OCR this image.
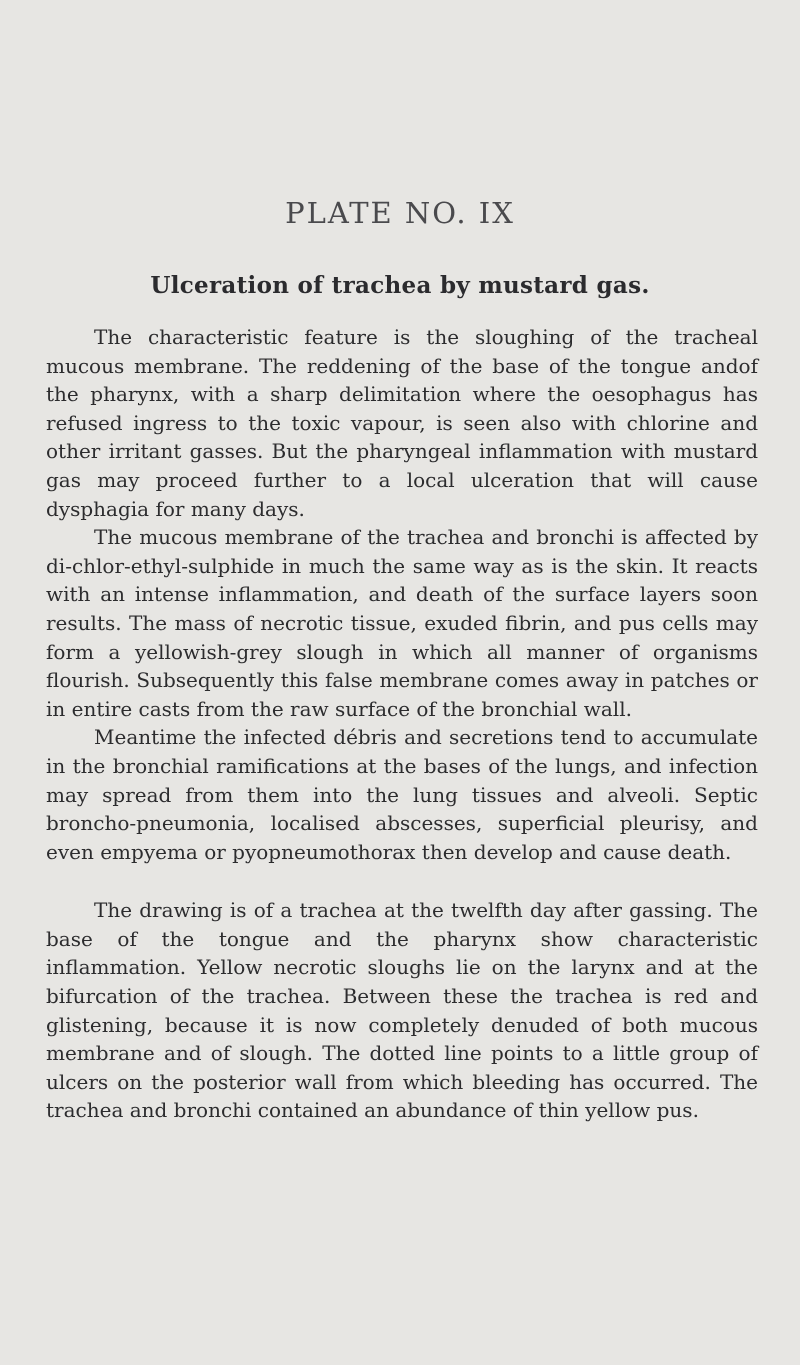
PLATE NO. IX
Ulceration of trachea by mustard gas.

The characteristic feature is the sloughing of the tracheal mucous membrane. The reddening of the base of the tongue andof the pharynx, with a sharp delimitation where the oesophagus has refused ingress to the toxic vapour, is seen also with chlorine and other irritant gasses. But the pharyngeal inflammation with mustard gas may proceed further to a local ulceration that will cause dysphagia for many days.

The mucous membrane of the trachea and bronchi is affected by di-chlor-ethyl-sulphide in much the same way as is the skin. It reacts with an intense inflammation, and death of the surface layers soon results. The mass of necrotic tissue, exuded fibrin, and pus cells may form a yellowish-grey slough in which all manner of organisms flourish. Subsequently this false membrane comes away in patches or in entire casts from the raw surface of the bronchial wall.

Meantime the infected débris and secretions tend to accumulate in the bronchial ramifications at the bases of the lungs, and infection may spread from them into the lung tissues and alveoli. Septic broncho-pneumonia, localised abscesses, superficial pleurisy, and even empyema or pyopneumothorax then develop and cause death.

The drawing is of a trachea at the twelfth day after gassing. The base of the tongue and the pharynx show characteristic inflammation. Yellow necrotic sloughs lie on the larynx and at the bifurcation of the trachea. Between these the trachea is red and glistening, because it is now completely denuded of both mucous membrane and of slough. The dotted line points to a little group of ulcers on the posterior wall from which bleeding has occurred. The trachea and bronchi contained an abundance of thin yellow pus.
